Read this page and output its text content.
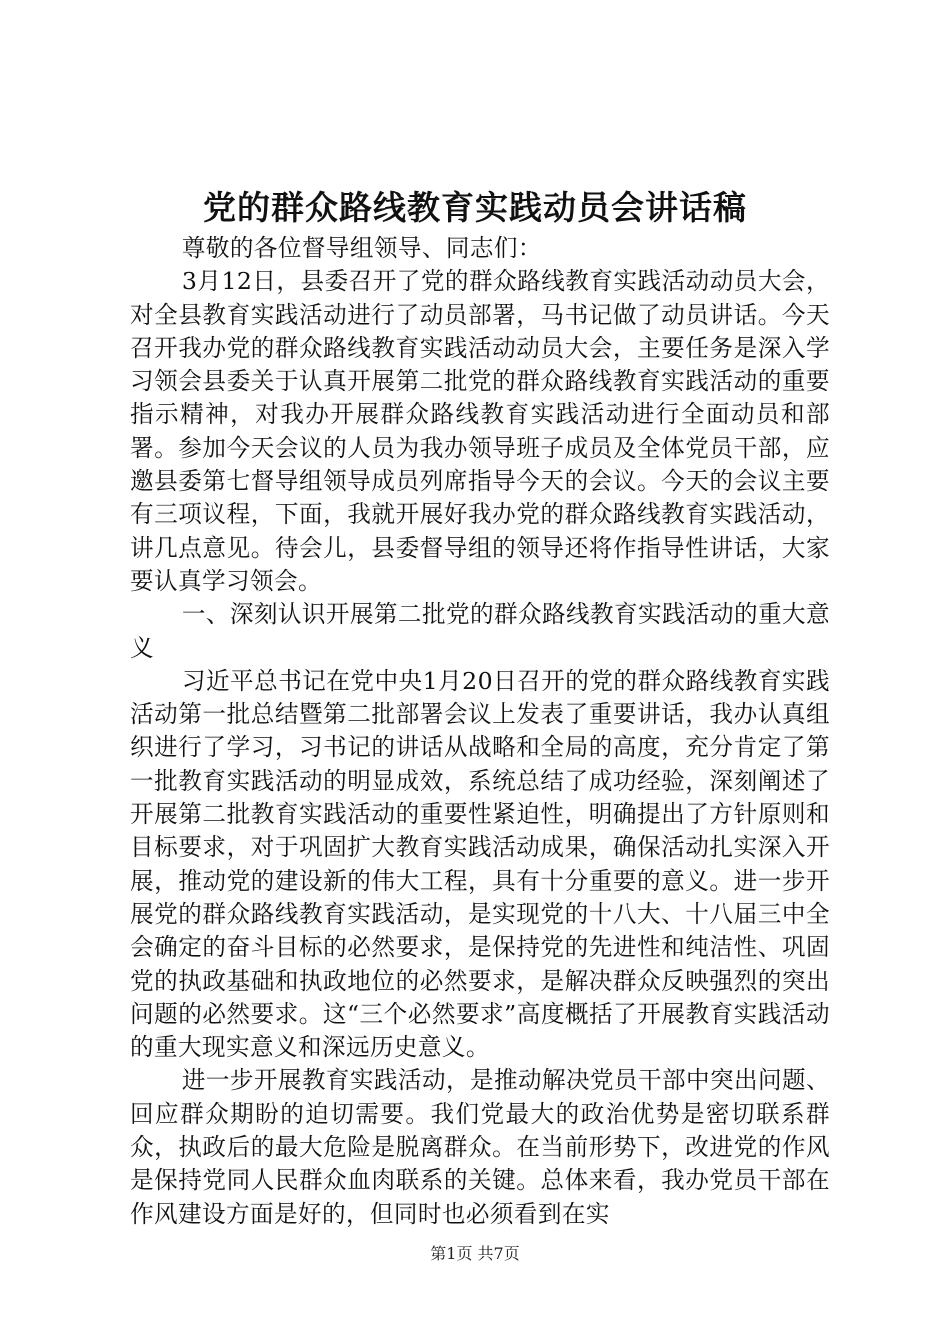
党的群众路线教育实践动员会讲话稿

尊敬的各位督导组领导、同志们：

3月12日，县委召开了党的群众路线教育实践活动动员大会，对全县教育实践活动进行了动员部署，马书记做了动员讲话。今天召开我办党的群众路线教育实践活动动员大会，主要任务是深入学习领会县委关于认真开展第二批党的群众路线教育实践活动的重要指示精神，对我办开展群众路线教育实践活动进行全面动员和部署。参加今天会议的人员为我办领导班子成员及全体党员干部，应邀县委第七督导组领导成员列席指导今天的会议。今天的会议主要有三项议程，下面，我就开展好我办党的群众路线教育实践活动，讲几点意见。待会儿，县委督导组的领导还将作指导性讲话，大家要认真学习领会。

一、深刻认识开展第二批党的群众路线教育实践活动的重大意义

习近平总书记在党中央1月20日召开的党的群众路线教育实践活动第一批总结暨第二批部署会议上发表了重要讲话，我办认真组织进行了学习，习书记的讲话从战略和全局的高度，充分肯定了第一批教育实践活动的明显成效，系统总结了成功经验，深刻阐述了开展第二批教育实践活动的重要性紧迫性，明确提出了方针原则和目标要求，对于巩固扩大教育实践活动成果，确保活动扎实深入开展，推动党的建设新的伟大工程，具有十分重要的意义。进一步开展党的群众路线教育实践活动，是实现党的十八大、十八届三中全会确定的奋斗目标的必然要求，是保持党的先进性和纯洁性、巩固党的执政基础和执政地位的必然要求，是解决群众反映强烈的突出问题的必然要求。这“三个必然要求”高度概括了开展教育实践活动的重大现实意义和深远历史意义。

进一步开展教育实践活动，是推动解决党员干部中突出问题、回应群众期盼的迫切需要。我们党最大的政治优势是密切联系群众，执政后的最大危险是脱离群众。在当前形势下，改进党的作风是保持党同人民群众血肉联系的关键。总体来看，我办党员干部在作风建设方面是好的，但同时也必须看到在实

第1页 共7页
